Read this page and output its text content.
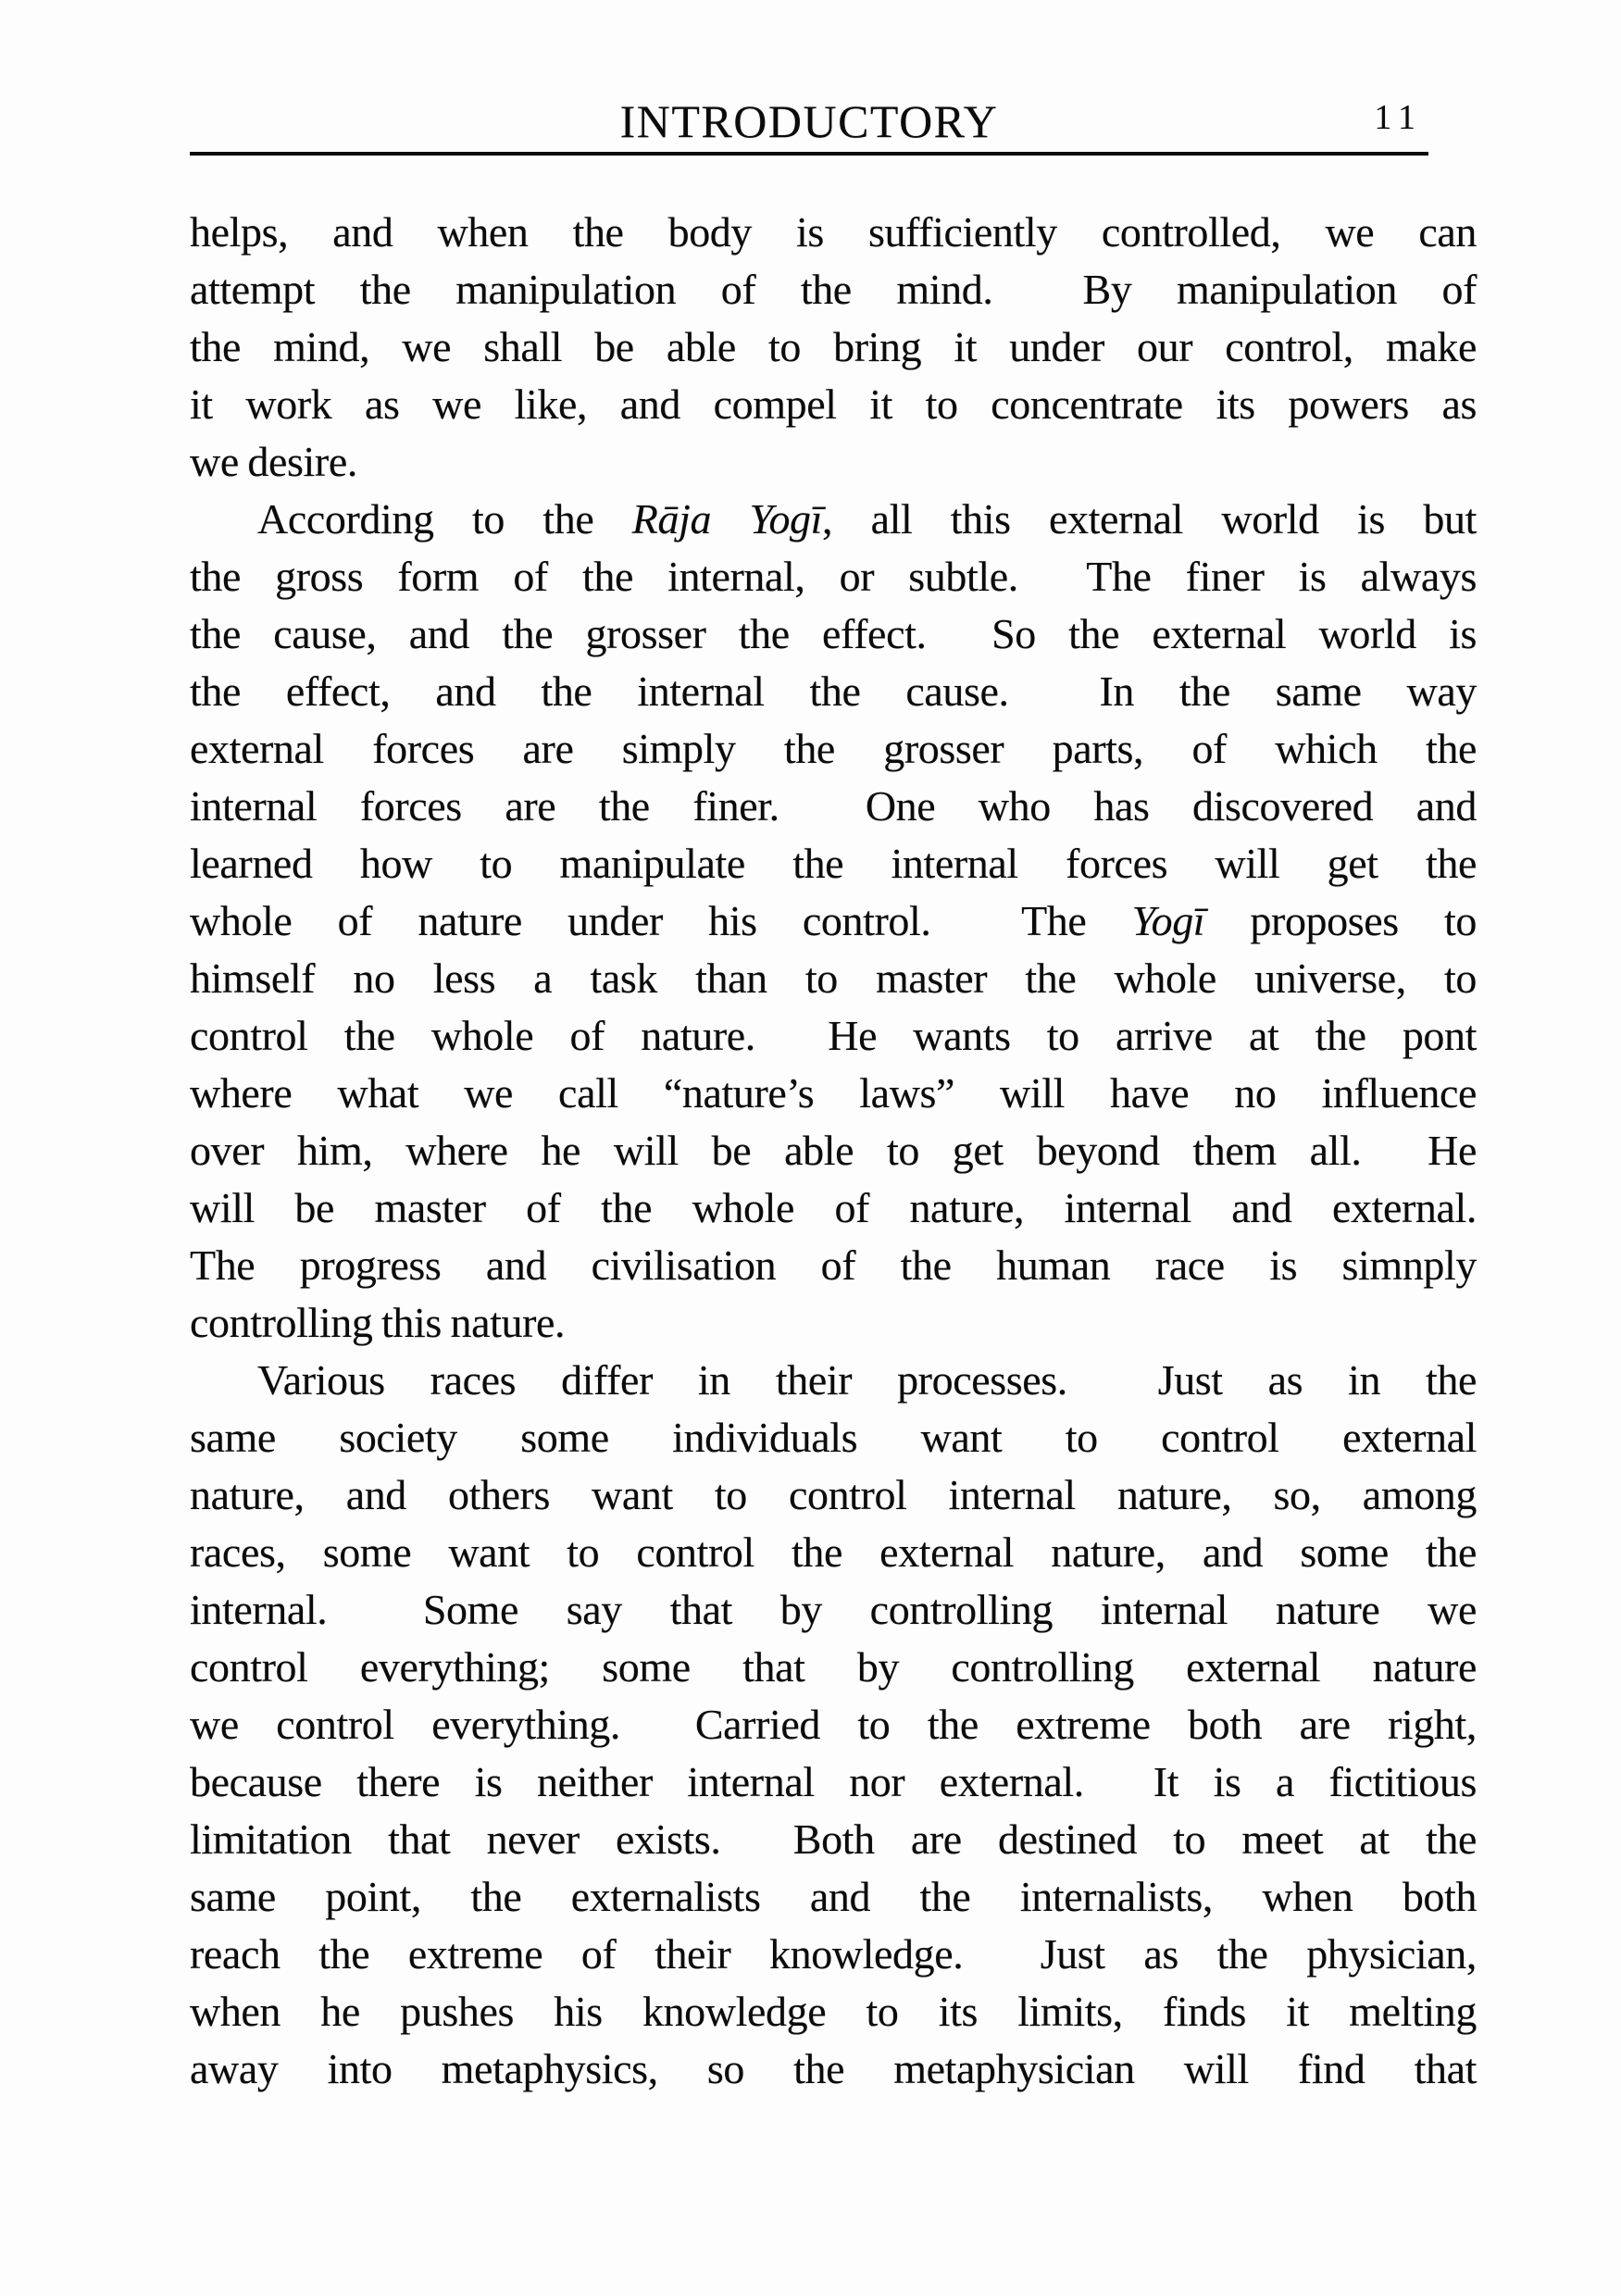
INTRODUCTORY	11
helps, and when the body is sufficiently controlled, we can
attempt the manipulation of the mind.  By manipulation of
the mind, we shall be able to bring it under our control, make
it work as we like, and compel it to concentrate its powers as
we desire.
According to the Rāja Yogī, all this external world is but
the gross form of the internal, or subtle.  The finer is always
the cause, and the grosser the effect.  So the external world is
the effect, and the internal the cause.  In the same way
external forces are simply the grosser parts, of which the
internal forces are the finer.  One who has discovered and
learned how to manipulate the internal forces will get the
whole of nature under his control.  The Yogī proposes to
himself no less a task than to master the whole universe, to
control the whole of nature.  He wants to arrive at the pont
where what we call “nature’s laws” will have no influence
over him, where he will be able to get beyond them all.  He
will be master of the whole of nature, internal and external.
The progress and civilisation of the human race is simnply
controlling this nature.
Various races differ in their processes.  Just as in the
same society some individuals want to control external
nature, and others want to control internal nature, so, among
races, some want to control the external nature, and some the
internal.  Some say that by controlling internal nature we
control everything; some that by controlling external nature
we control everything.  Carried to the extreme both are right,
because there is neither internal nor external.  It is a fictitious
limitation that never exists.  Both are destined to meet at the
same point, the externalists and the internalists, when both
reach the extreme of their knowledge.  Just as the physician,
when he pushes his knowledge to its limits, finds it melting
away into metaphysics, so the metaphysician will find that
